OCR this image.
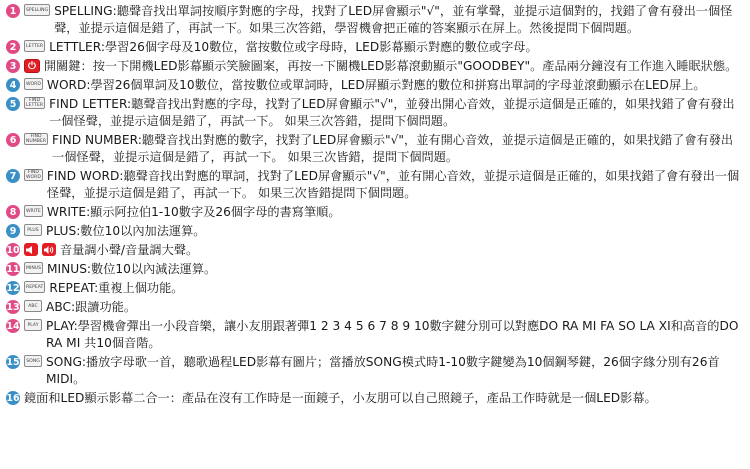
1	SPELLING SPELLING:聽聲音找出單詞按順序對應的字母，找對了LED屏會顯示"√"，並有掌聲，並提示這個對的，找錯了會有發出一個怪聲，並提示這個是錯了，再試一下。如果三次答錯，學習機會把正確的答案顯示在屏上。然後提問下個問題。
2	LETTER LETTLER:學習26個字母及10數位，當按數位或字母時，LED影幕顯示對應的數位或字母。
3	⏻ 開關鍵：按一下開機LED影幕顯示笑臉圖案，再按一下關機LED影幕滾動顯示"GOODBEY"。產品兩分鐘沒有工作進入睡眠狀態。
4	WORD WORD:學習26個單詞及10數位，當按數位或單詞時，LED屏顯示對應的數位和拼寫出單詞的字母並滾動顯示在LED屏上。
5	FIND
LETTER FIND LETTER:聽聲音找出對應的字母，找對了LED屏會顯示"√"，並發出開心音效，並提示這個是正確的，如果找錯了會有發出一個怪聲，並提示這個是錯了，再試一下。 如果三次答錯，提問下個問題。
6	FIND
NUMBER FIND NUMBER:聽聲音找出對應的數字，找對了LED屏會顯示"√"，並有開心音效，並提示這個是正確的，如果找錯了會有發出一個怪聲，並提示這個是錯了，再試一下。 如果三次皆錯，提問下個問題。
7	FIND
WORD FIND WORD:聽聲音找出對應的單詞，找對了LED屏會顯示"√"，並有開心音效，並提示這個是正確的，如果找錯了會有發出一個怪聲，並提示這個是錯了，再試一下。 如果三次皆錯提問下個問題。
8	WRITE WRITE:顯示阿拉伯1-10數字及26個字母的書寫筆順。
9	PLUS PLUS:數位10以內加法運算。
10	音量調小聲/音量調大聲。
11 MINUS MINUS:數位10以內減法運算。
12 REPEAT REPEAT:重複上個功能。
13 ABC ABC:跟讀功能。
14 PLAY PLAY:學習機會彈出一小段音樂，讓小友朋跟著彈1 2 3 4 5 6 7 8 9 10數字鍵分別可以對應DO RA MI FA SO LA XI和高音的DO RA MI 共10個音階。
15 SONG SONG:播放字母歌一首，聽歌過程LED影幕有圖片；當播放SONG模式時1-10數字鍵變為10個鋼琴鍵，26個字緣分別有26首MIDI。
16 鏡面和LED顯示影幕二合一：產品在沒有工作時是一面鏡子，小友朋可以自己照鏡子，產品工作時就是一個LED影幕。
